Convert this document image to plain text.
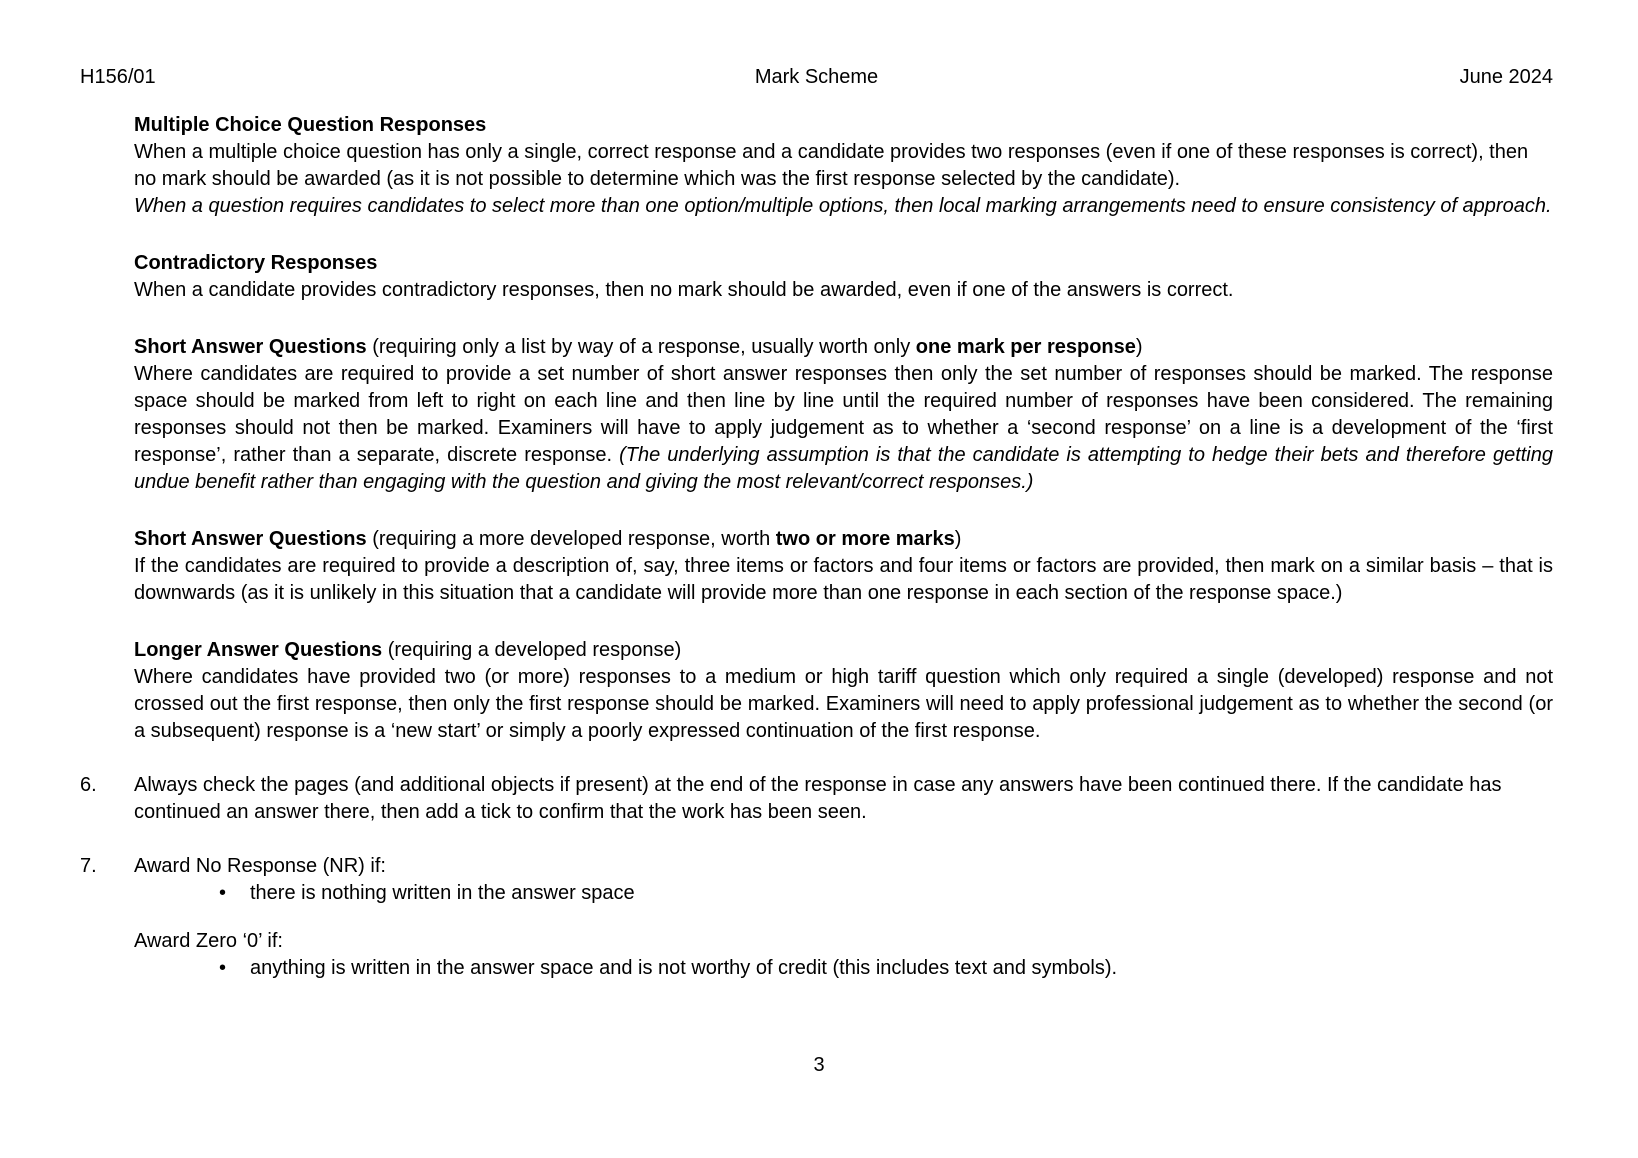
H156/01	Mark Scheme	June 2024
Multiple Choice Question Responses

When a multiple choice question has only a single, correct response and a candidate provides two responses (even if one of these responses is correct), then no mark should be awarded (as it is not possible to determine which was the first response selected by the candidate).

When a question requires candidates to select more than one option/multiple options, then local marking arrangements need to ensure consistency of approach.

Contradictory Responses

When a candidate provides contradictory responses, then no mark should be awarded, even if one of the answers is correct.

Short Answer Questions (requiring only a list by way of a response, usually worth only one mark per response)

Where candidates are required to provide a set number of short answer responses then only the set number of responses should be marked. The response space should be marked from left to right on each line and then line by line until the required number of responses have been considered. The remaining responses should not then be marked. Examiners will have to apply judgement as to whether a ‘second response’ on a line is a development of the ‘first response’, rather than a separate, discrete response. (The underlying assumption is that the candidate is attempting to hedge their bets and therefore getting undue benefit rather than engaging with the question and giving the most relevant/correct responses.)

Short Answer Questions (requiring a more developed response, worth two or more marks)

If the candidates are required to provide a description of, say, three items or factors and four items or factors are provided, then mark on a similar basis – that is downwards (as it is unlikely in this situation that a candidate will provide more than one response in each section of the response space.)

Longer Answer Questions (requiring a developed response)

Where candidates have provided two (or more) responses to a medium or high tariff question which only required a single (developed) response and not crossed out the first response, then only the first response should be marked. Examiners will need to apply professional judgement as to whether the second (or a subsequent) response is a ‘new start’ or simply a poorly expressed continuation of the first response.

6. Always check the pages (and additional objects if present) at the end of the response in case any answers have been continued there. If the candidate has continued an answer there, then add a tick to confirm that the work has been seen.

7. Award No Response (NR) if:

•	there is nothing written in the answer space

Award Zero ‘0’ if:

•	anything is written in the answer space and is not worthy of credit (this includes text and symbols).
3
